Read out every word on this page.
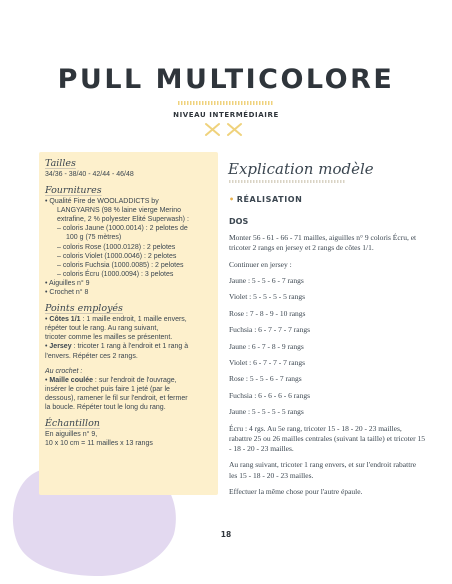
PULL MULTICOLORE
NIVEAU INTERMÉDIAIRE

Tailles

34/36 - 38/40 - 42/44 - 46/48

Fournitures

• Qualité Fire de WOOLADDICTS by

LANGYARNS (98 % laine vierge Merino

extrafine, 2 % polyester Elité Superwash) :

– coloris Jaune (1000.0014) : 2 pelotes de

100 g (75 mètres)

– coloris Rose (1000.0128) : 2 pelotes

– coloris Violet (1000.0046) : 2 pelotes

– coloris Fuchsia (1000.0085) : 2 pelotes

– coloris Écru (1000.0094) : 3 pelotes

• Aiguilles n° 9

• Crochet n° 8

Points employés

• Côtes 1/1 : 1 maille endroit, 1 maille envers,

répéter tout le rang. Au rang suivant,

tricoter comme les mailles se présentent.

• Jersey : tricoter 1 rang à l'endroit et 1 rang à

l'envers. Répéter ces 2 rangs.

Au crochet :

• Maille coulée : sur l'endroit de l'ouvrage,

insérer le crochet puis faire 1 jeté (par le

dessous), ramener le fil sur l'endroit, et fermer

la boucle. Répéter tout le long du rang.

Échantillon

En aiguilles n° 9,

10 x 10 cm = 11 mailles x 13 rangs

Explication modèle
• RÉALISATION
DOS

Monter 56 - 61 - 66 - 71 mailles, aiguilles n° 9 coloris Écru, et tricoter 2 rangs en jersey et 2 rangs de côtes 1/1.

Continuer en jersey :

Jaune : 5 - 5 - 6 - 7 rangs

Violet : 5 - 5 - 5 - 5 rangs

Rose : 7 - 8 - 9 - 10 rangs

Fuchsia : 6 - 7 - 7 - 7 rangs

Jaune : 6 - 7 - 8 - 9 rangs

Violet : 6 - 7 - 7 - 7 rangs

Rose : 5 - 5 - 6 - 7 rangs

Fuchsia : 6 - 6 - 6 - 6 rangs

Jaune : 5 - 5 - 5 - 5 rangs

Écru : 4 rgs. Au 5e rang, tricoter 15 - 18 - 20 - 23 mailles, rabattre 25 ou 26 mailles centrales (suivant la taille) et tricoter 15 - 18 - 20 - 23 mailles.

Au rang suivant, tricoter 1 rang envers, et sur l'endroit rabattre les 15 - 18 - 20 - 23 mailles.

Effectuer la même chose pour l'autre épaule.

18
